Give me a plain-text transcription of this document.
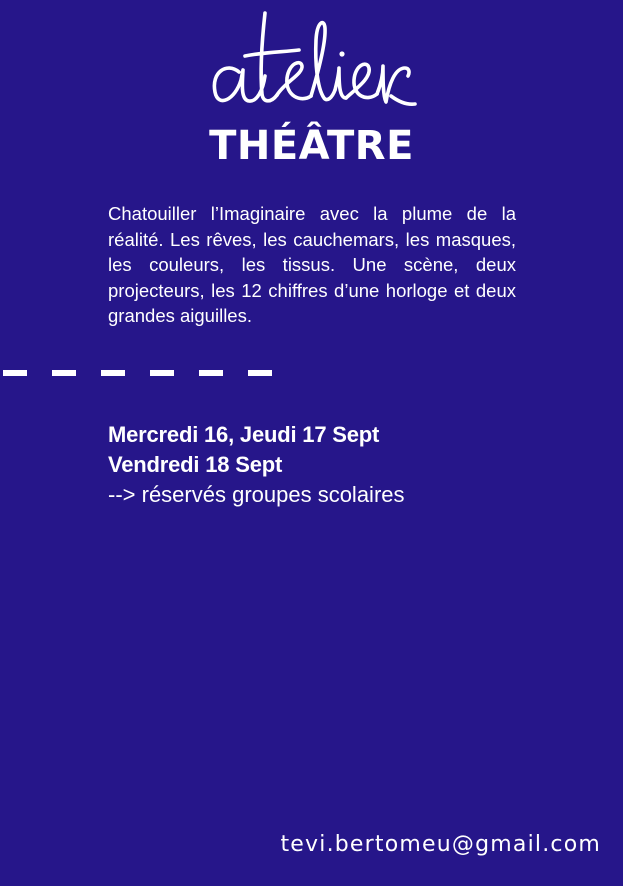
THÉÂTRE

Chatouiller l’Imaginaire avec la plume de la réalité. Les rêves, les cauchemars, les masques, les couleurs, les tissus. Une scène, deux projecteurs, les 12 chiffres d’une horloge et deux grandes aiguilles.

Mercredi 16, Jeudi 17 Sept
Vendredi 18 Sept
--> réservés groupes scolaires
tevi.bertomeu@gmail.com
